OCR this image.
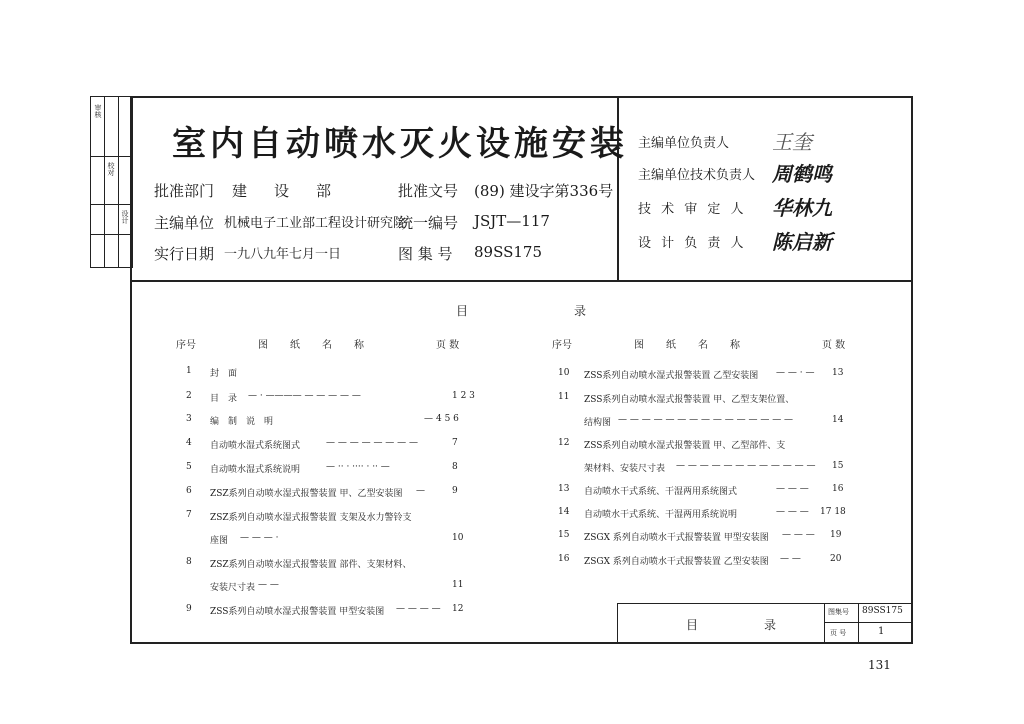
审核
校对
设计
室内自动喷水灭火设施安装
批准部门 建　设　部	批准文号 (89) 建设字第336号
主编单位 机械电子工业部工程设计研究院
统一编号 JSJT—117
实行日期 一九八九年七月一日	图 集 号 89SS175
主编单位负责人 王奎
主编单位技术负责人 周鹤鸣
技 术 审 定 人 华林九
设 计 负 责 人 陈启新
目	录
序号	图　纸　名　称	页 数	序号	图　纸　名　称	页 数
1 封　面
2 目　录 — · ———— — — — — —	1 2 3
3 编　制　说　明	— 4 5 6
4 自动喷水湿式系统图式	— — — — — — — —	7
5 自动喷水湿式系统说明	— ·· · ···· · ·· —	8
6 ZSZ系列自动喷水湿式报警装置 甲、乙型安装图 —	9
7 ZSZ系列自动喷水湿式报警装置 支架及水力警铃支
座图 — — — ·	10
8 ZSZ系列自动喷水湿式报警装置 部件、支架材料、
安装尺寸表 — —	11
9 ZSS系列自动喷水湿式报警装置 甲型安装图 — — — — 12
10 ZSS系列自动喷水湿式报警装置 乙型安装图 — — · — 13
11 ZSS系列自动喷水湿式报警装置 甲、乙型支架位置、
结构图 — — — — — — — — — — — — — — —	14
12 ZSS系列自动喷水湿式报警装置 甲、乙型部件、支
架材料、安装尺寸表 — — — — — — — — — — — — 15
13 自动喷水干式系统、干湿两用系统图式	— — —	16
14 自动喷水干式系统、干湿两用系统说明	— — — 17 18
15 ZSGX 系列自动喷水干式报警装置 甲型安装图 — — — 19
16 ZSGX 系列自动喷水干式报警装置 乙型安装图 — —	20
目	录
图集号 89SS175
页 号	1
131
